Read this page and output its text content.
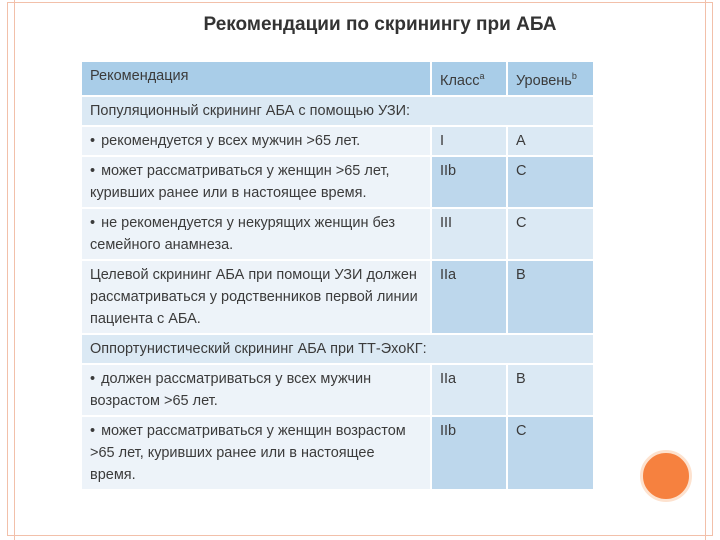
Рекомендации по скринингу при АБА
Рекомендация	Класс$^а$	Уровень$^b$
Популяционный скрининг АБА с помощью УЗИ:		
• рекомендуется у всех мужчин >65 лет.	I	A
• может рассматриваться у женщин >65 лет, куривших ранее или в настоящее время.	IIb	C
• не рекомендуется у некурящих женщин без семейного анамнеза.	III	C
Целевой скрининг АБА при помощи УЗИ должен рассматриваться у родственников первой линии пациента с АБА.	IIa	B
Оппортунистический скрининг АБА при ТТ-ЭхоКГ:		
• должен рассматриваться у всех мужчин возрастом >65 лет.	IIa	B
• может рассматриваться у женщин возрастом >65 лет, куривших ранее или в настоящее время.	IIb	C
